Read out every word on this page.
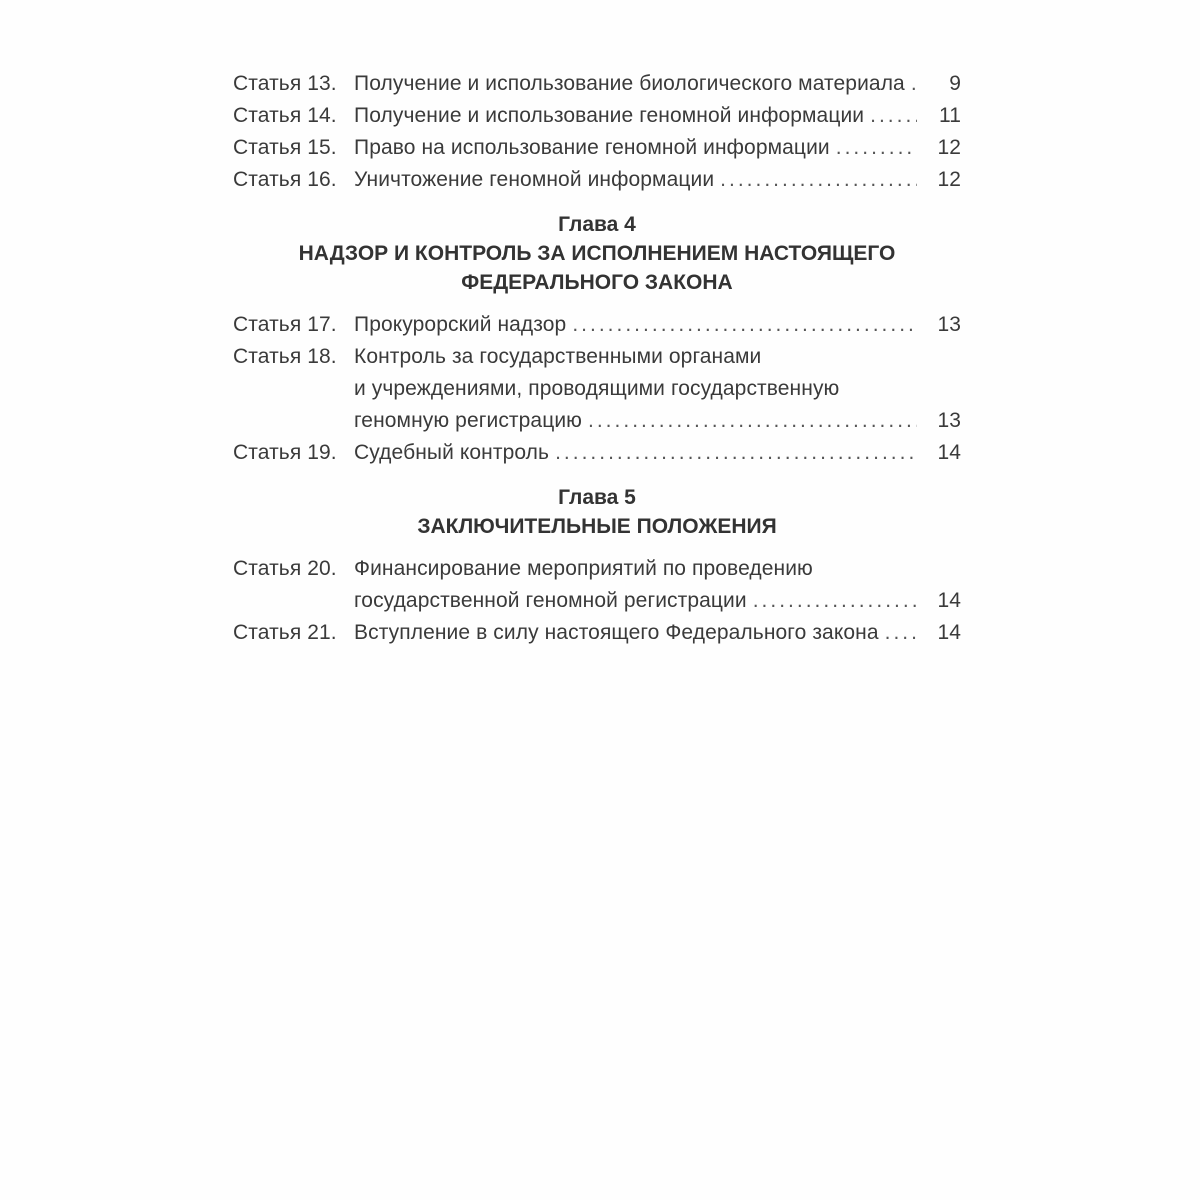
Статья 13. Получение и использование биологического материала .....	9
Статья 14. Получение и использование геномной информации .....	11
Статья 15. Право на использование геномной информации .....	12
Статья 16. Уничтожение геномной информации .....	12
Глава 4
НАДЗОР И КОНТРОЛЬ ЗА ИСПОЛНЕНИЕМ НАСТОЯЩЕГО
ФЕДЕРАЛЬНОГО ЗАКОНА
Статья 17. Прокурорский надзор .....	13
Статья 18. Контроль за государственными органами
и учреждениями, проводящими государственную
геномную регистрацию .....	13
Статья 19. Судебный контроль .....	14
Глава 5
ЗАКЛЮЧИТЕЛЬНЫЕ ПОЛОЖЕНИЯ
Статья 20. Финансирование мероприятий по проведению
государственной геномной регистрации .....	14
Статья 21. Вступление в силу настоящего Федерального закона .....	14
